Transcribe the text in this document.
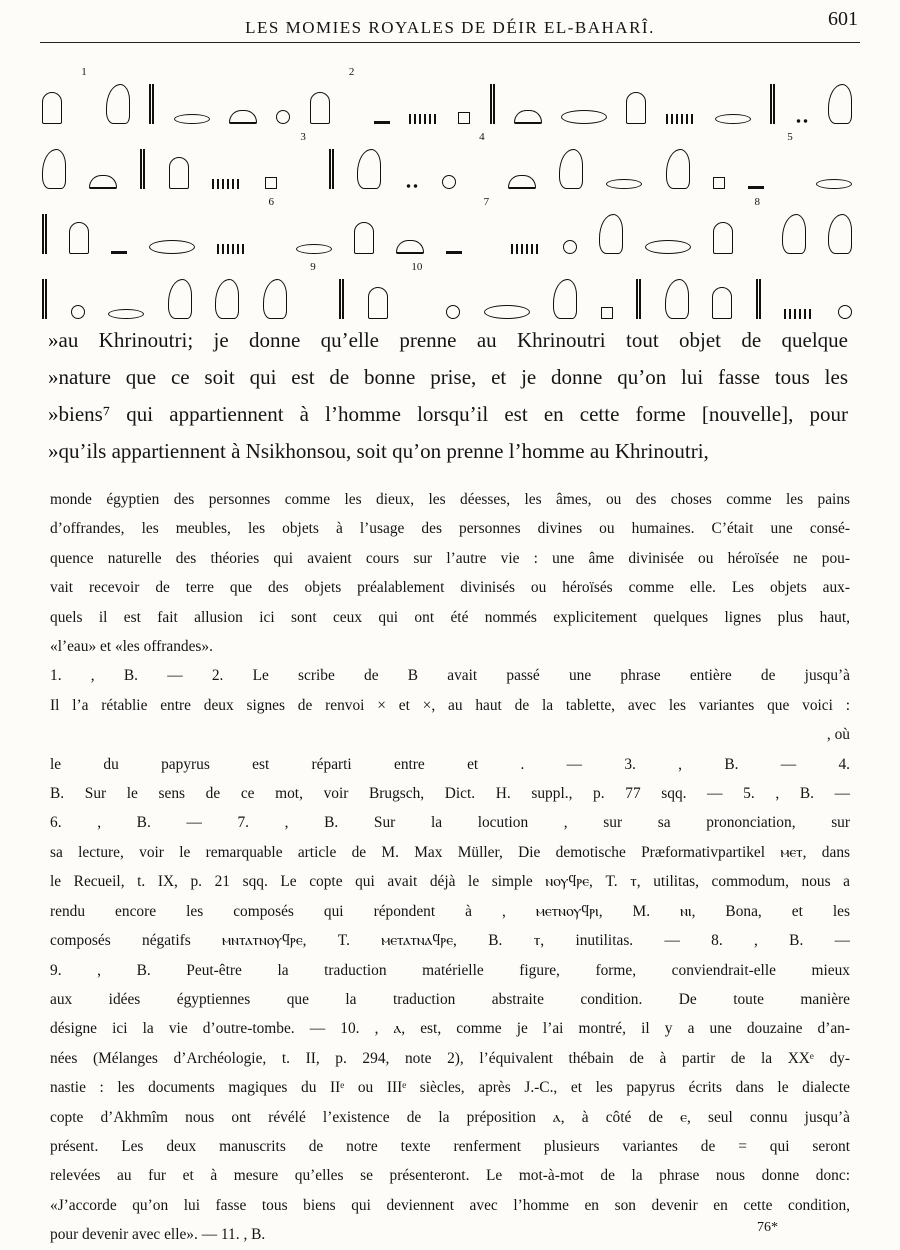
LES MOMIES ROYALES DE DÉIR EL-BAHARÎ.	601
1	2
3	4	5
6	7	8
9	10

»au Khrinoutri; je donne qu’elle prenne au Khrinoutri tout objet de quelque

»nature que ce soit qui est de bonne prise, et je donne qu’on lui fasse tous les

»biens⁷ qui appartiennent à l’homme lorsqu’il est en cette forme [nouvelle], pour

»qu’ils appartiennent à Nsikhonsou, soit qu’on prenne l’homme au Khrinoutri,

monde égyptien des personnes comme les dieux, les déesses, les âmes, ou des choses comme les pains

d’offrandes, les meubles, les objets à l’usage des personnes divines ou humaines. C’était une consé-

quence naturelle des théories qui avaient cours sur l’autre vie : une âme divinisée ou héroïsée ne pou-

vait recevoir de terre que des objets préalablement divinisés ou héroïsés comme elle. Les objets aux-

quels il est fait allusion ici sont ceux qui ont été nommés explicitement quelques lignes plus haut,

«l’eau» et «les offrandes».

1. , B. — 2. Le scribe de B avait passé une phrase entière de jusqu’à

Il l’a rétablie entre deux signes de renvoi × et ×, au haut de la tablette, avec les variantes que voici :

, où

le du papyrus est réparti entre et . — 3. , B. — 4.

B. Sur le sens de ce mot, voir Brugsch, Dict. H. suppl., p. 77 sqq. — 5. , B. —

6. , B. — 7. , B. Sur la locution , sur sa prononciation, sur

sa lecture, voir le remarquable article de M. Max Müller, Die demotische Præformativpartikel ⲙⲉⲧ, dans

le Recueil, t. IX, p. 21 sqq. Le copte qui avait déjà le simple ⲛⲟⲩϥⲣⲉ, T. ⲧ, utilitas, commodum, nous a

rendu encore les composés qui répondent à , ⲙⲉⲧⲛⲟⲩϥⲣⲓ, M. ⲛⲓ, Bona, et les

composés négatifs ⲙⲛⲧⲁⲧⲛⲟⲩϥⲣⲉ, T. ⲙⲉⲧⲁⲧⲛⲁϥⲣⲉ, B. ⲧ, inutilitas. — 8. , B. —

9. , B. Peut-être la traduction matérielle figure, forme, conviendrait-elle mieux

aux idées égyptiennes que la traduction abstraite condition. De toute manière

désigne ici la vie d’outre-tombe. — 10. , ⲁ, est, comme je l’ai montré, il y a une douzaine d’an-

nées (Mélanges d’Archéologie, t. II, p. 294, note 2), l’équivalent thébain de à partir de la XXᵉ dy-

nastie : les documents magiques du IIᵉ ou IIIᵉ siècles, après J.-C., et les papyrus écrits dans le dialecte

copte d’Akhmîm nous ont révélé l’existence de la préposition ⲁ, à côté de ⲉ, seul connu jusqu’à

présent. Les deux manuscrits de notre texte renferment plusieurs variantes de = qui seront

relevées au fur et à mesure qu’elles se présenteront. Le mot-à-mot de la phrase nous donne donc:

«J’accorde qu’on lui fasse tous biens qui deviennent avec l’homme en son devenir en cette condition,

pour devenir avec elle». — 11. , B.	76*
